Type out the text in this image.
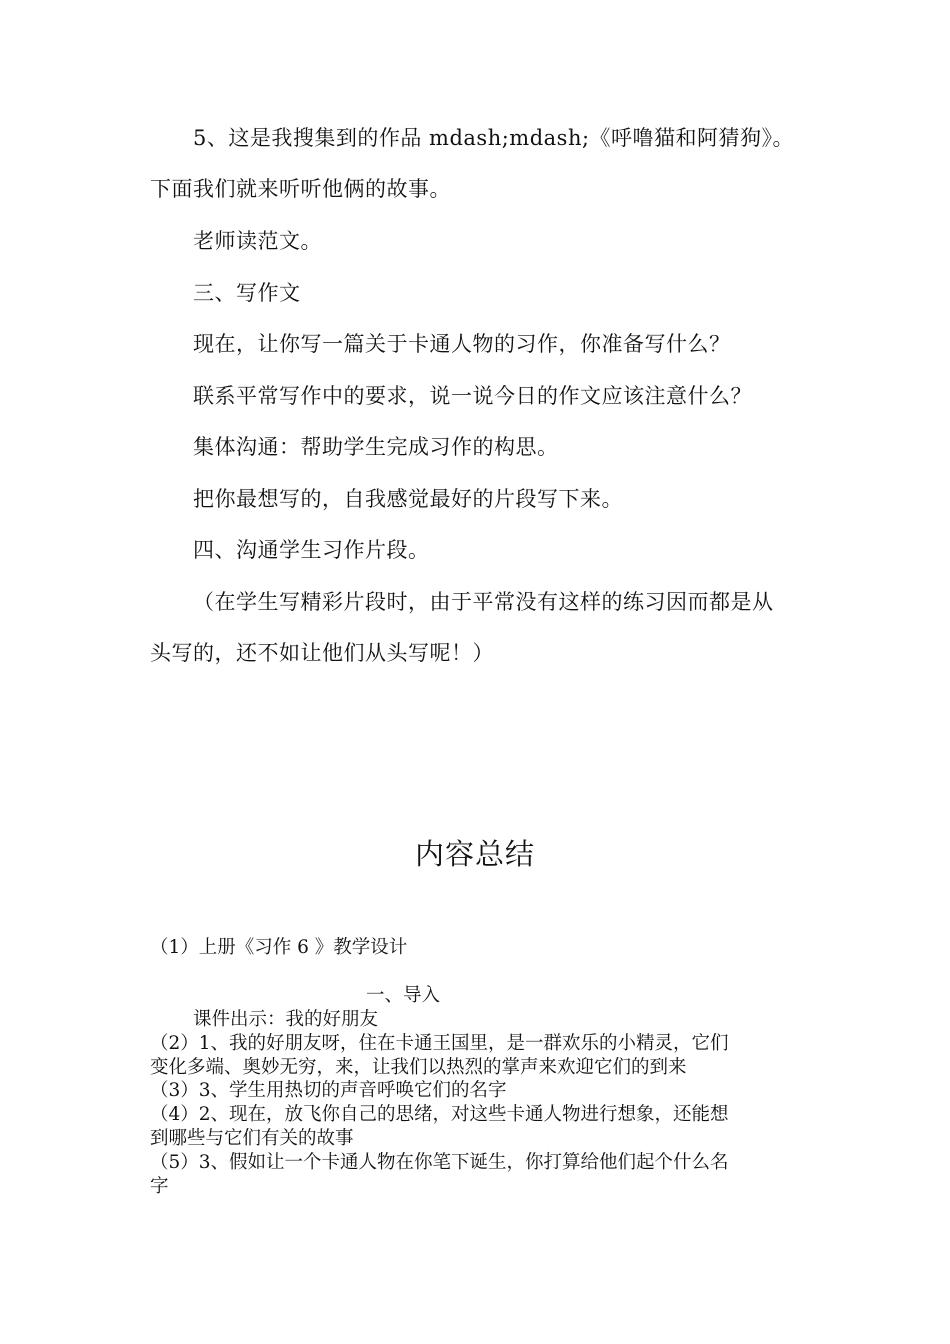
5、这是我搜集到的作品 mdash;mdash;《呼噜猫和阿猜狗》。
下面我们就来听听他俩的故事。
老师读范文。
三、写作文
现在，让你写一篇关于卡通人物的习作，你准备写什么？
联系平常写作中的要求，说一说今日的作文应该注意什么？
集体沟通：帮助学生完成习作的构思。
把你最想写的，自我感觉最好的片段写下来。
四、沟通学生习作片段。
（在学生写精彩片段时，由于平常没有这样的练习因而都是从
头写的，还不如让他们从头写呢！）
内容总结
（1）上册《习作 6 》教学设计
一、导入
课件出示：我的好朋友
（2）1、我的好朋友呀，住在卡通王国里，是一群欢乐的小精灵，它们
变化多端、奥妙无穷，来，让我们以热烈的掌声来欢迎它们的到来
（3）3、学生用热切的声音呼唤它们的名字
（4）2、现在，放飞你自己的思绪，对这些卡通人物进行想象，还能想
到哪些与它们有关的故事
（5）3、假如让一个卡通人物在你笔下诞生，你打算给他们起个什么名
字
